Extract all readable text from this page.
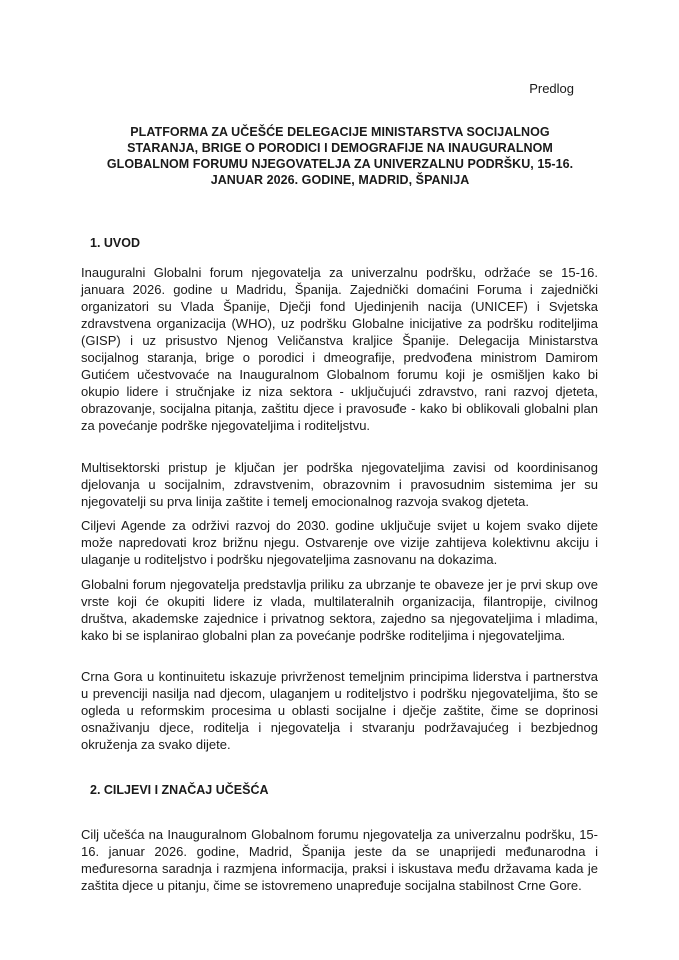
Predlog
PLATFORMA ZA UČEŠĆE DELEGACIJE MINISTARSTVA SOCIJALNOG STARANJA, BRIGE O PORODICI I DEMOGRAFIJE NA INAUGURALNOM GLOBALNOM FORUMU NJEGOVATELJA ZA UNIVERZALNU PODRŠKU, 15-16. JANUAR 2026. GODINE, MADRID, ŠPANIJA
1. UVOD

Inauguralni Globalni forum njegovatelja za univerzalnu podršku, održaće se 15-16. januara 2026. godine u Madridu, Španija. Zajednički domaćini Foruma i zajednički organizatori su Vlada Španije, Dječji fond Ujedinjenih nacija (UNICEF) i Svjetska zdravstvena organizacija (WHO), uz podršku Globalne inicijative za podršku roditeljima (GISP) i uz prisustvo Njenog Veličanstva kraljice Španije. Delegacija Ministarstva socijalnog staranja, brige o porodici i dmeografije, predvođena ministrom Damirom Gutićem učestvovaće na Inauguralnom Globalnom forumu koji je osmišljen kako bi okupio lidere i stručnjake iz niza sektora - uključujući zdravstvo, rani razvoj djeteta, obrazovanje, socijalna pitanja, zaštitu djece i pravosuđe - kako bi oblikovali globalni plan za povećanje podrške njegovateljima i roditeljstvu.

Multisektorski pristup je ključan jer podrška njegovateljima zavisi od koordinisanog djelovanja u socijalnim, zdravstvenim, obrazovnim i pravosudnim sistemima jer su njegovatelji su prva linija zaštite i temelj emocionalnog razvoja svakog djeteta.

Ciljevi Agende za održivi razvoj do 2030. godine uključuje svijet u kojem svako dijete može napredovati kroz brižnu njegu. Ostvarenje ove vizije zahtijeva kolektivnu akciju i ulaganje u roditeljstvo i podršku njegovateljima zasnovanu na dokazima.

Globalni forum njegovatelja predstavlja priliku za ubrzanje te obaveze jer je prvi skup ove vrste koji će okupiti lidere iz vlada, multilateralnih organizacija, filantropije, civilnog društva, akademske zajednice i privatnog sektora, zajedno sa njegovateljima i mladima, kako bi se isplanirao globalni plan za povećanje podrške roditeljima i njegovateljima.

Crna Gora u kontinuitetu iskazuje privrženost temeljnim principima liderstva i partnerstva u prevenciji nasilja nad djecom, ulaganjem u roditeljstvo i podršku njegovateljima, što se ogleda u reformskim procesima u oblasti socijalne i dječje zaštite, čime se doprinosi osnaživanju djece, roditelja i njegovatelja i stvaranju podržavajućeg i bezbjednog okruženja za svako dijete.

2. CILJEVI I ZNAČAJ UČEŠĆA

Cilj učešća na Inauguralnom Globalnom forumu njegovatelja za univerzalnu podršku, 15-16. januar 2026. godine, Madrid, Španija jeste da se unaprijedi međunarodna i međuresorna saradnja i razmjena informacija, praksi i iskustava među državama kada je zaštita djece u pitanju, čime se istovremeno unapređuje socijalna stabilnost Crne Gore.
